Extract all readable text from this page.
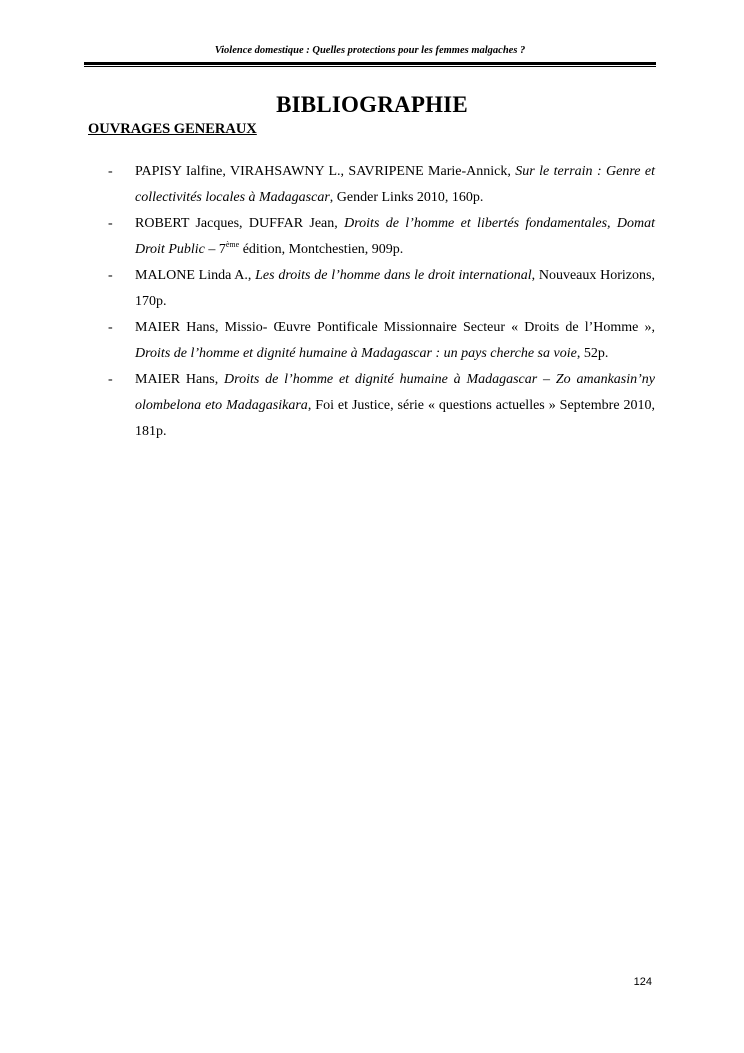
Violence domestique : Quelles protections pour les femmes malgaches ?
BIBLIOGRAPHIE
OUVRAGES GENERAUX
- PAPISY Ialfine, VIRAHSAWNY L., SAVRIPENE Marie-Annick, Sur le terrain : Genre et collectivités locales à Madagascar, Gender Links 2010, 160p.
- ROBERT Jacques, DUFFAR Jean, Droits de l’homme et libertés fondamentales, Domat Droit Public – 7ème édition, Montchestien, 909p.
- MALONE Linda A., Les droits de l’homme dans le droit international, Nouveaux Horizons, 170p.
- MAIER Hans, Missio- Œuvre Pontificale Missionnaire Secteur « Droits de l’Homme », Droits de l’homme et dignité humaine à Madagascar : un pays cherche sa voie, 52p.
- MAIER Hans, Droits de l’homme et dignité humaine à Madagascar – Zo amankasin’ny olombelona eto Madagasikara, Foi et Justice, série « questions actuelles » Septembre 2010, 181p.
124
